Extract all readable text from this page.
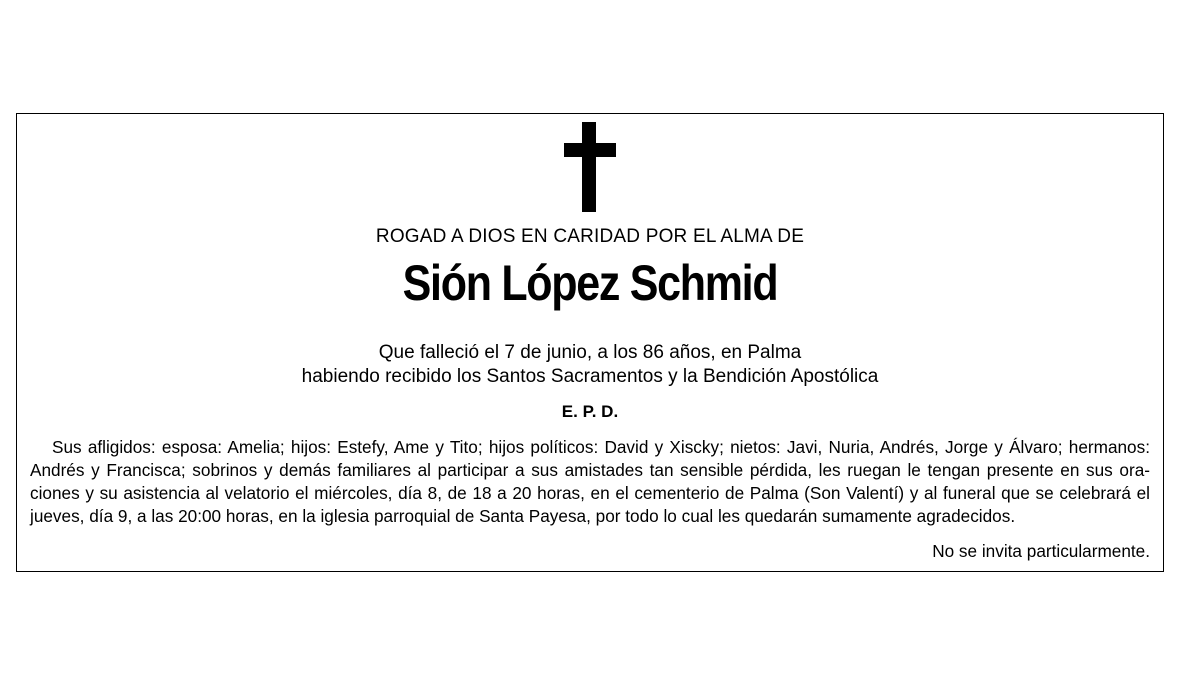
ROGAD A DIOS EN CARIDAD POR EL ALMA DE
Sión López Schmid
Que falleció el 7 de junio, a los 86 años, en Palma
habiendo recibido los Santos Sacramentos y la Bendición Apostólica
E. P. D.
Sus afligidos: esposa: Amelia; hijos: Estefy, Ame y Tito; hijos políticos: David y Xiscky; nietos: Javi, Nuria, Andrés, Jorge y Álvaro; hermanos:
Andrés y Francisca; sobrinos y demás familiares al participar a sus amistades tan sensible pérdida, les ruegan le tengan presente en sus ora-
ciones y su asistencia al velatorio el miércoles, día 8, de 18 a 20 horas, en el cementerio de Palma (Son Valentí) y al funeral que se celebrará el
jueves, día 9, a las 20:00 horas, en la iglesia parroquial de Santa Payesa, por todo lo cual les quedarán sumamente agradecidos.
No se invita particularmente.
